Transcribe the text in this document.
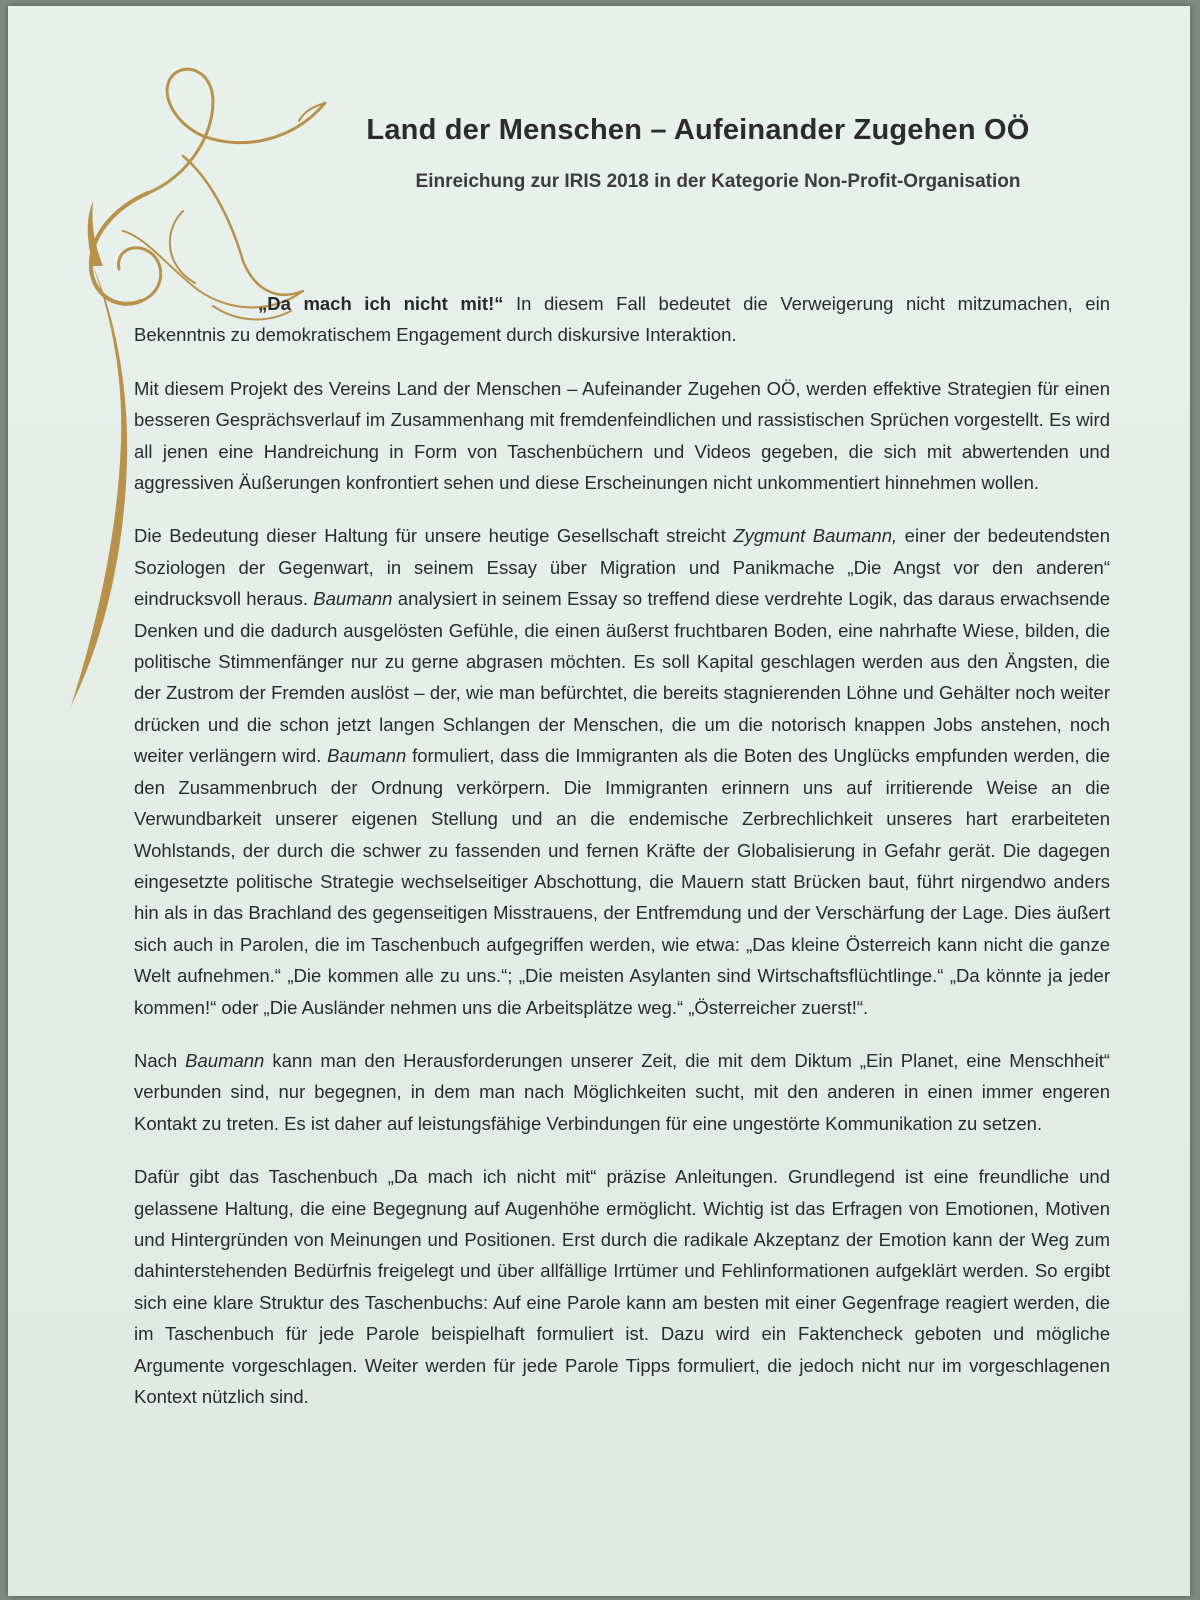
Land der Menschen – Aufeinander Zugehen OÖ
Einreichung zur IRIS 2018 in der Kategorie Non-Profit-Organisation

„Da mach ich nicht mit!“ In diesem Fall bedeutet die Verweigerung nicht mitzumachen, ein Bekenntnis zu demokratischem Engagement durch diskursive Interaktion.

Mit diesem Projekt des Vereins Land der Menschen – Aufeinander Zugehen OÖ, werden effektive Strategien für einen besseren Gesprächsverlauf im Zusammenhang mit fremdenfeindlichen und rassistischen Sprüchen vorgestellt. Es wird all jenen eine Handreichung in Form von Taschenbüchern und Videos gegeben, die sich mit abwertenden und aggressiven Äußerungen konfrontiert sehen und diese Erscheinungen nicht unkommentiert hinnehmen wollen.

Die Bedeutung dieser Haltung für unsere heutige Gesellschaft streicht Zygmunt Baumann, einer der bedeutendsten Soziologen der Gegenwart, in seinem Essay über Migration und Panikmache „Die Angst vor den anderen“ eindrucksvoll heraus. Baumann analysiert in seinem Essay so treffend diese verdrehte Logik, das daraus erwachsende Denken und die dadurch ausgelösten Gefühle, die einen äußerst fruchtbaren Boden, eine nahrhafte Wiese, bilden, die politische Stimmenfänger nur zu gerne abgrasen möchten. Es soll Kapital geschlagen werden aus den Ängsten, die der Zustrom der Fremden auslöst – der, wie man befürchtet, die bereits stagnierenden Löhne und Gehälter noch weiter drücken und die schon jetzt langen Schlangen der Menschen, die um die notorisch knappen Jobs anstehen, noch weiter verlängern wird. Baumann formuliert, dass die Immigranten als die Boten des Unglücks empfunden werden, die den Zusammenbruch der Ordnung verkörpern. Die Immigranten erinnern uns auf irritierende Weise an die Verwundbarkeit unserer eigenen Stellung und an die endemische Zerbrechlichkeit unseres hart erarbeiteten Wohlstands, der durch die schwer zu fassenden und fernen Kräfte der Globalisierung in Gefahr gerät. Die dagegen eingesetzte politische Strategie wechselseitiger Abschottung, die Mauern statt Brücken baut, führt nirgendwo anders hin als in das Brachland des gegenseitigen Misstrauens, der Entfremdung und der Verschärfung der Lage. Dies äußert sich auch in Parolen, die im Taschenbuch aufgegriffen werden, wie etwa: „Das kleine Österreich kann nicht die ganze Welt aufnehmen.“ „Die kommen alle zu uns.“; „Die meisten Asylanten sind Wirtschaftsflüchtlinge.“ „Da könnte ja jeder kommen!“ oder „Die Ausländer nehmen uns die Arbeitsplätze weg.“ „Österreicher zuerst!“.

Nach Baumann kann man den Herausforderungen unserer Zeit, die mit dem Diktum „Ein Planet, eine Menschheit“ verbunden sind, nur begegnen, in dem man nach Möglichkeiten sucht, mit den anderen in einen immer engeren Kontakt zu treten. Es ist daher auf leistungsfähige Verbindungen für eine ungestörte Kommunikation zu setzen.

Dafür gibt das Taschenbuch „Da mach ich nicht mit“ präzise Anleitungen. Grundlegend ist eine freundliche und gelassene Haltung, die eine Begegnung auf Augenhöhe ermöglicht. Wichtig ist das Erfragen von Emotionen, Motiven und Hintergründen von Meinungen und Positionen. Erst durch die radikale Akzeptanz der Emotion kann der Weg zum dahinterstehenden Bedürfnis freigelegt und über allfällige Irrtümer und Fehlinformationen aufgeklärt werden. So ergibt sich eine klare Struktur des Taschenbuchs: Auf eine Parole kann am besten mit einer Gegenfrage reagiert werden, die im Taschenbuch für jede Parole beispielhaft formuliert ist. Dazu wird ein Faktencheck geboten und mögliche Argumente vorgeschlagen. Weiter werden für jede Parole Tipps formuliert, die jedoch nicht nur im vorgeschlagenen Kontext nützlich sind.
